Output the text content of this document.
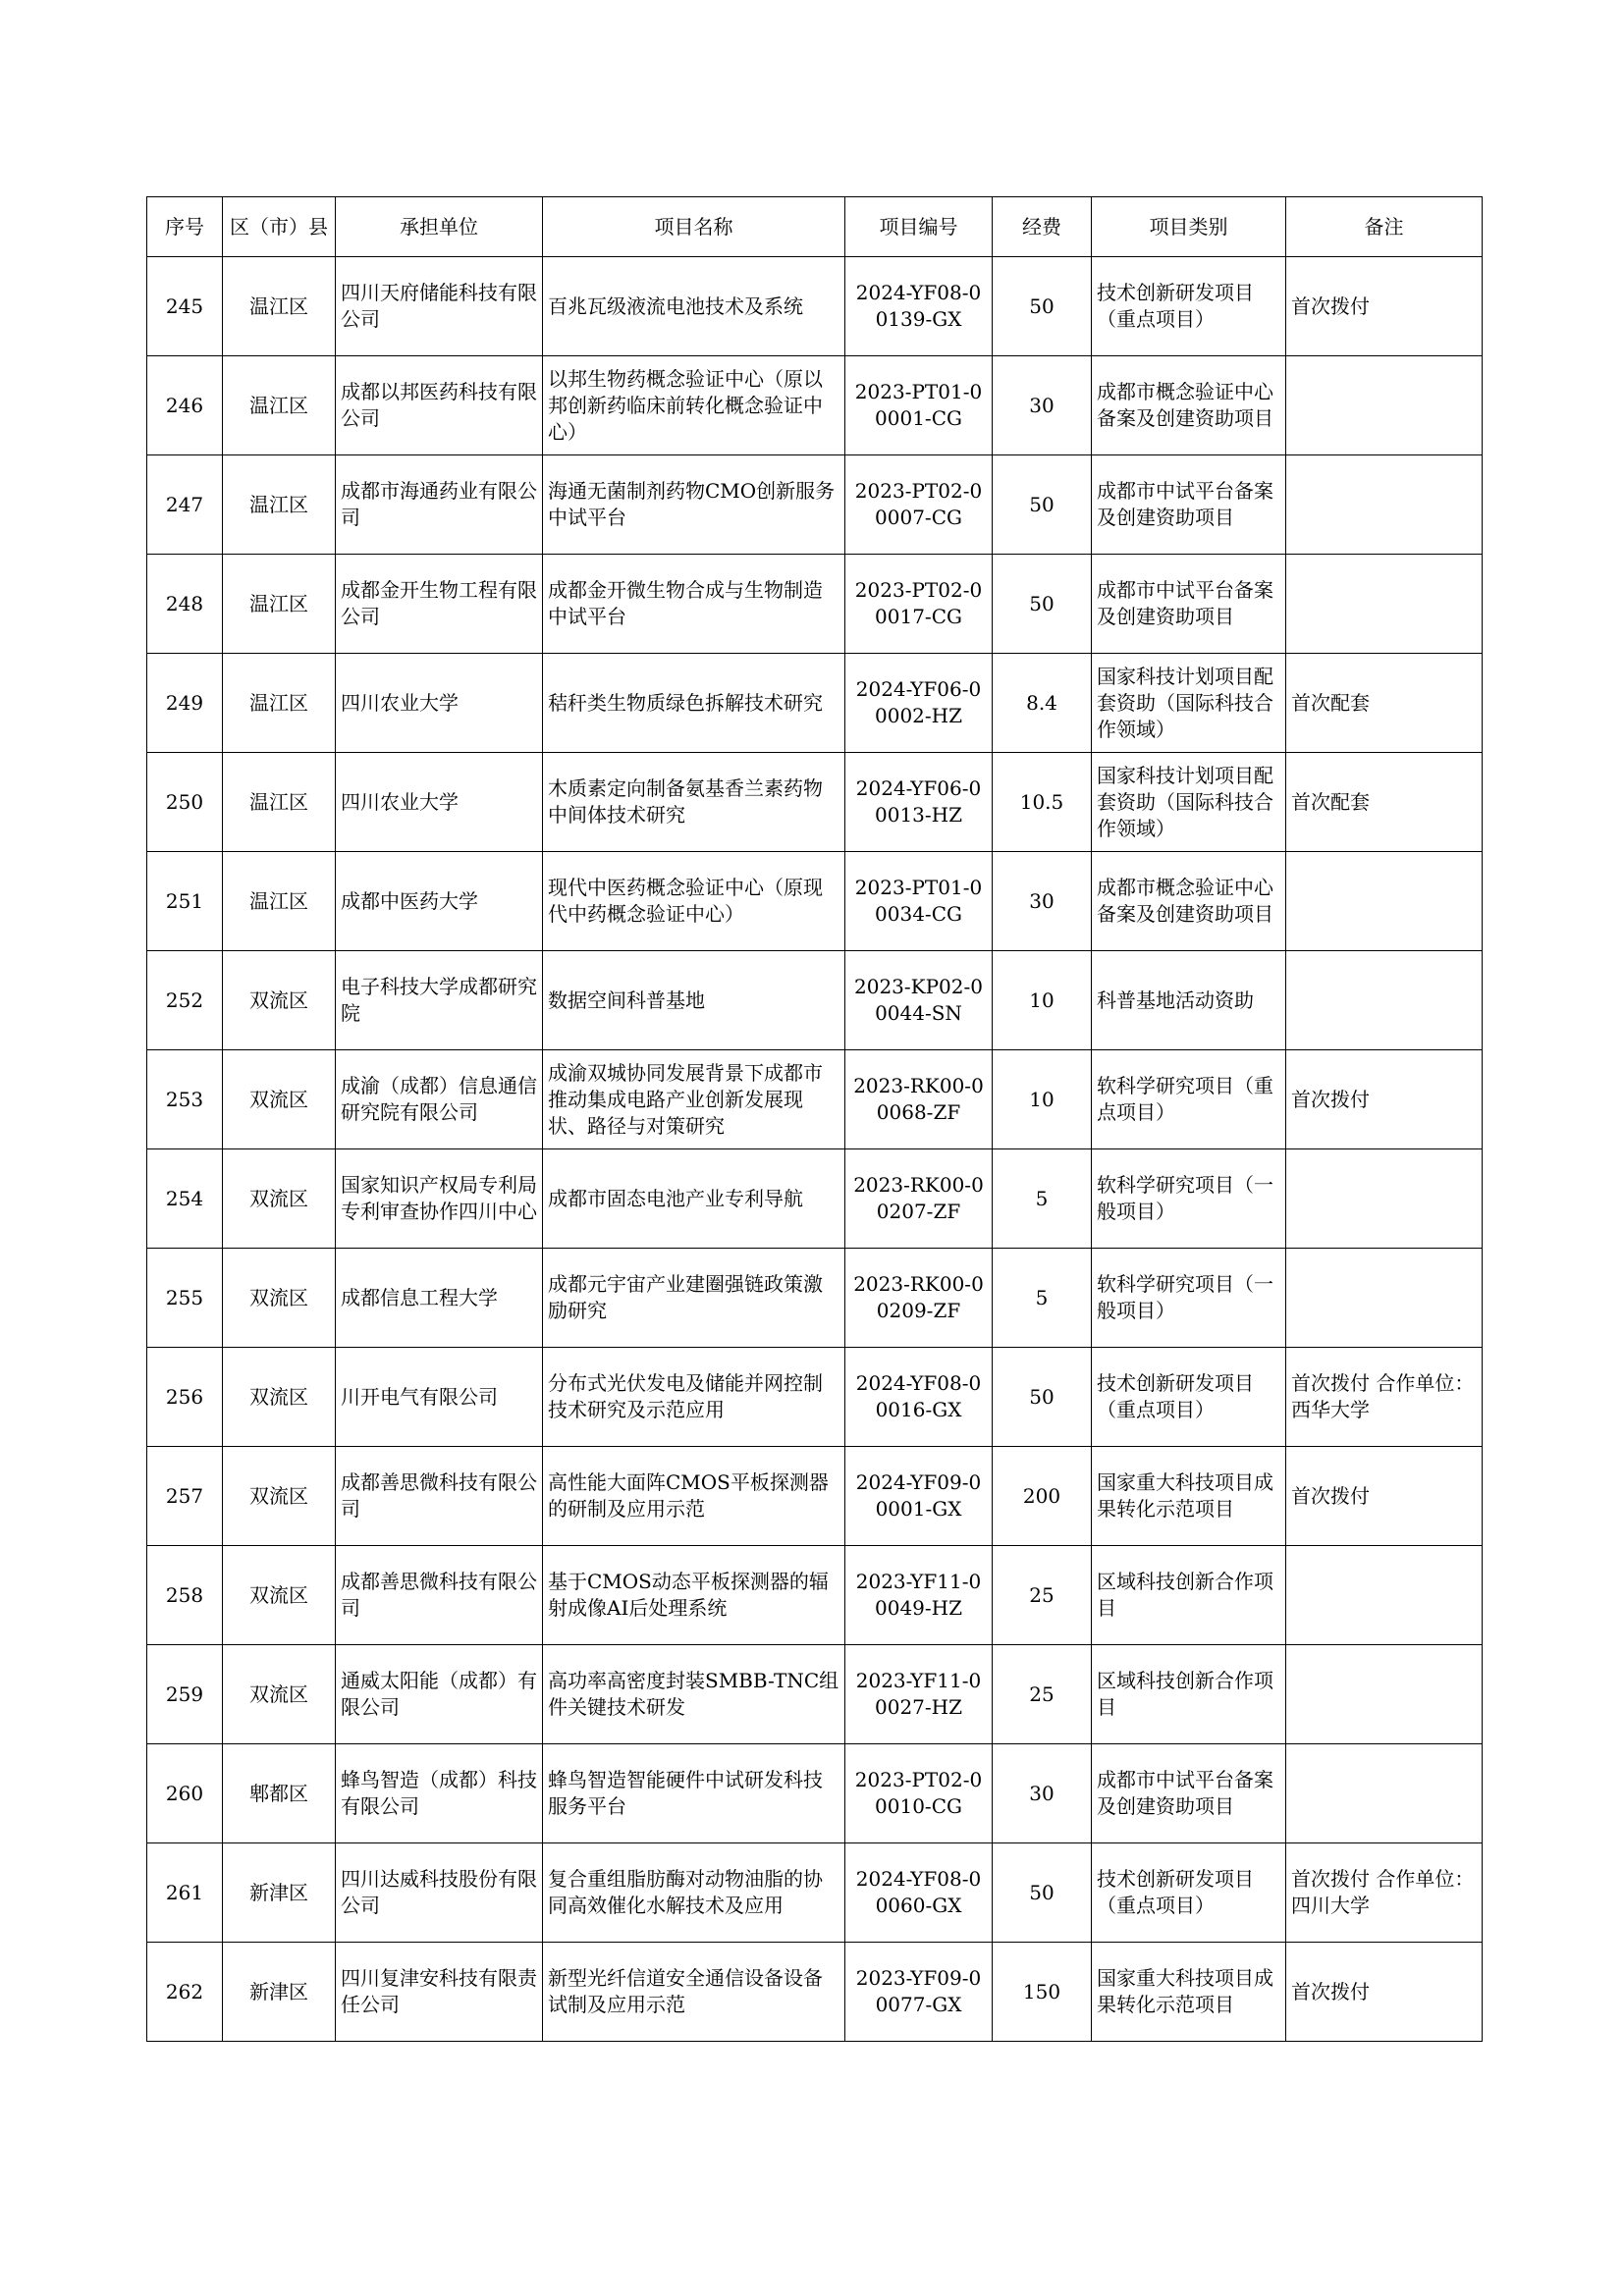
序号	区（市）县	承担单位	项目名称	项目编号	经费	项目类别	备注
245	温江区	四川天府储能科技有限公司	百兆瓦级液流电池技术及系统	2024-YF08-00139-GX	50	技术创新研发项目（重点项目）	首次拨付
246	温江区	成都以邦医药科技有限公司	以邦生物药概念验证中心（原以邦创新药临床前转化概念验证中心）	2023-PT01-00001-CG	30	成都市概念验证中心备案及创建资助项目	
247	温江区	成都市海通药业有限公司	海通无菌制剂药物CMO创新服务中试平台	2023-PT02-00007-CG	50	成都市中试平台备案及创建资助项目	
248	温江区	成都金开生物工程有限公司	成都金开微生物合成与生物制造中试平台	2023-PT02-00017-CG	50	成都市中试平台备案及创建资助项目	
249	温江区	四川农业大学	秸秆类生物质绿色拆解技术研究	2024-YF06-00002-HZ	8.4	国家科技计划项目配套资助（国际科技合作领域）	首次配套
250	温江区	四川农业大学	木质素定向制备氨基香兰素药物中间体技术研究	2024-YF06-00013-HZ	10.5	国家科技计划项目配套资助（国际科技合作领域）	首次配套
251	温江区	成都中医药大学	现代中医药概念验证中心（原现代中药概念验证中心）	2023-PT01-00034-CG	30	成都市概念验证中心备案及创建资助项目	
252	双流区	电子科技大学成都研究院	数据空间科普基地	2023-KP02-00044-SN	10	科普基地活动资助	
253	双流区	成渝（成都）信息通信研究院有限公司	成渝双城协同发展背景下成都市推动集成电路产业创新发展现状、路径与对策研究	2023-RK00-00068-ZF	10	软科学研究项目（重点项目）	首次拨付
254	双流区	国家知识产权局专利局专利审查协作四川中心	成都市固态电池产业专利导航	2023-RK00-00207-ZF	5	软科学研究项目（一般项目）	
255	双流区	成都信息工程大学	成都元宇宙产业建圈强链政策激励研究	2023-RK00-00209-ZF	5	软科学研究项目（一般项目）	
256	双流区	川开电气有限公司	分布式光伏发电及储能并网控制技术研究及示范应用	2024-YF08-00016-GX	50	技术创新研发项目（重点项目）	首次拨付 合作单位：西华大学
257	双流区	成都善思微科技有限公司	高性能大面阵CMOS平板探测器的研制及应用示范	2024-YF09-00001-GX	200	国家重大科技项目成果转化示范项目	首次拨付
258	双流区	成都善思微科技有限公司	基于CMOS动态平板探测器的辐射成像AI后处理系统	2023-YF11-00049-HZ	25	区域科技创新合作项目	
259	双流区	通威太阳能（成都）有限公司	高功率高密度封装SMBB-TNC组件关键技术研发	2023-YF11-00027-HZ	25	区域科技创新合作项目	
260	郫都区	蜂鸟智造（成都）科技有限公司	蜂鸟智造智能硬件中试研发科技服务平台	2023-PT02-00010-CG	30	成都市中试平台备案及创建资助项目	
261	新津区	四川达威科技股份有限公司	复合重组脂肪酶对动物油脂的协同高效催化水解技术及应用	2024-YF08-00060-GX	50	技术创新研发项目（重点项目）	首次拨付 合作单位：四川大学
262	新津区	四川复津安科技有限责任公司	新型光纤信道安全通信设备设备试制及应用示范	2023-YF09-00077-GX	150	国家重大科技项目成果转化示范项目	首次拨付
